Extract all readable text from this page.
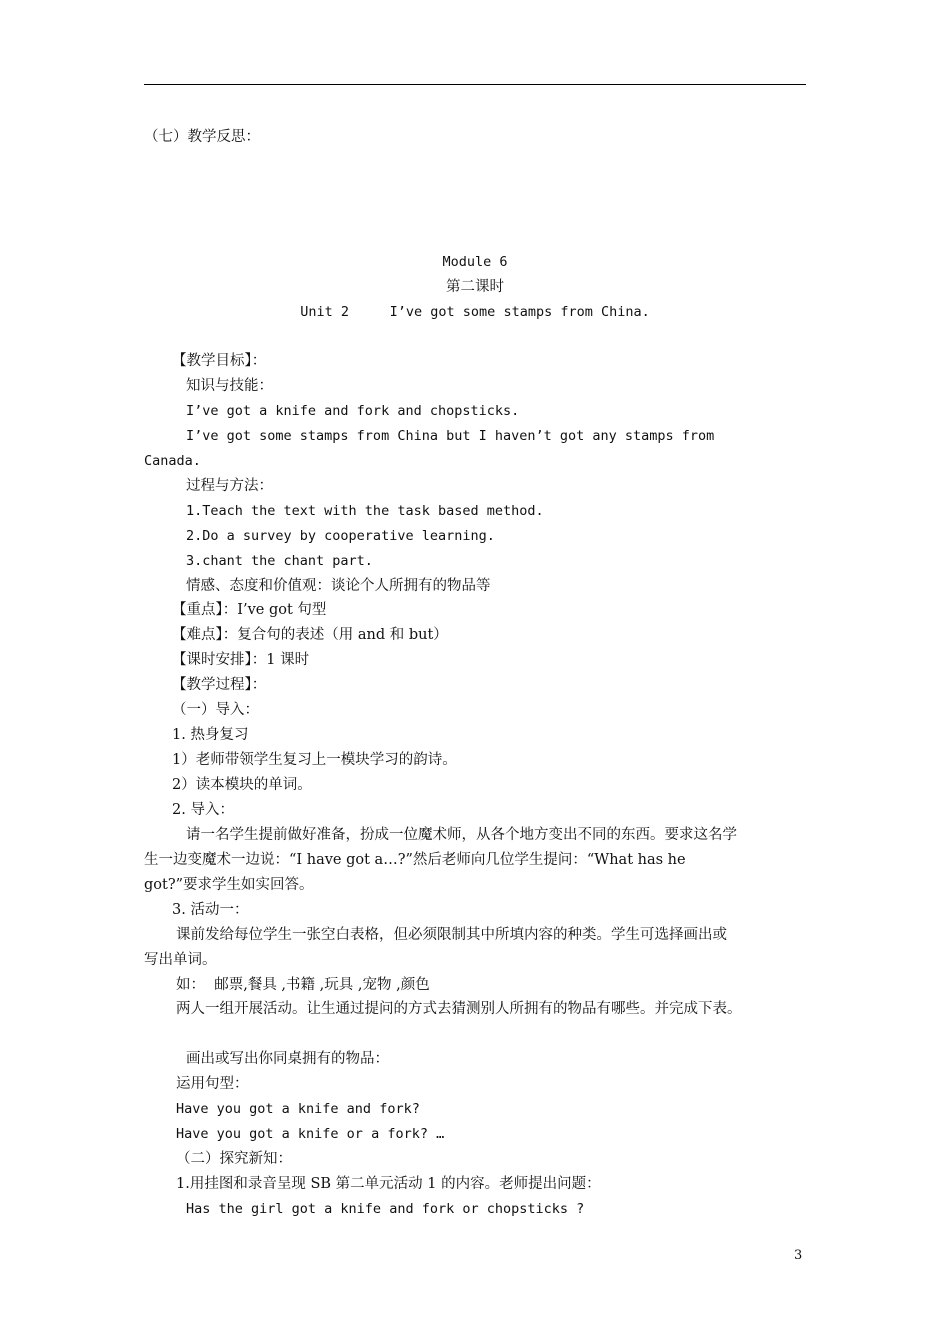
（七）教学反思：
Module 6
第二课时
Unit 2     I’ve got some stamps from China.
【教学目标】：
知识与技能：
I’ve got a knife and fork and chopsticks.
I’ve got some stamps from China but I haven’t got any stamps from
Canada.
过程与方法：
1.Teach the text with the task based method.
2.Do a survey by cooperative learning.
3.chant the chant part.
情感、态度和价值观：谈论个人所拥有的物品等
【重点】：I’ve got 句型
【难点】：复合句的表述（用 and 和 but）
【课时安排】：1 课时
【教学过程】：
（一）导入：
1. 热身复习
1）老师带领学生复习上一模块学习的韵诗。
2）读本模块的单词。
2. 导入：
请一名学生提前做好准备，扮成一位魔术师，从各个地方变出不同的东西。要求这名学
生一边变魔术一边说：“I have got a…?”然后老师向几位学生提问：“What has he
got?”要求学生如实回答。
3. 活动一：
课前发给每位学生一张空白表格，但必须限制其中所填内容的种类。学生可选择画出或
写出单词。
如：  邮票,餐具 ,书籍 ,玩具 ,宠物 ,颜色
两人一组开展活动。让生通过提问的方式去猜测别人所拥有的物品有哪些。并完成下表。
画出或写出你同桌拥有的物品：
运用句型：
Have you got a knife and fork?
Have you got a knife or a fork? …
（二）探究新知：
1.用挂图和录音呈现 SB 第二单元活动 1 的内容。老师提出问题：
Has the girl got a knife and fork or chopsticks ?
3
